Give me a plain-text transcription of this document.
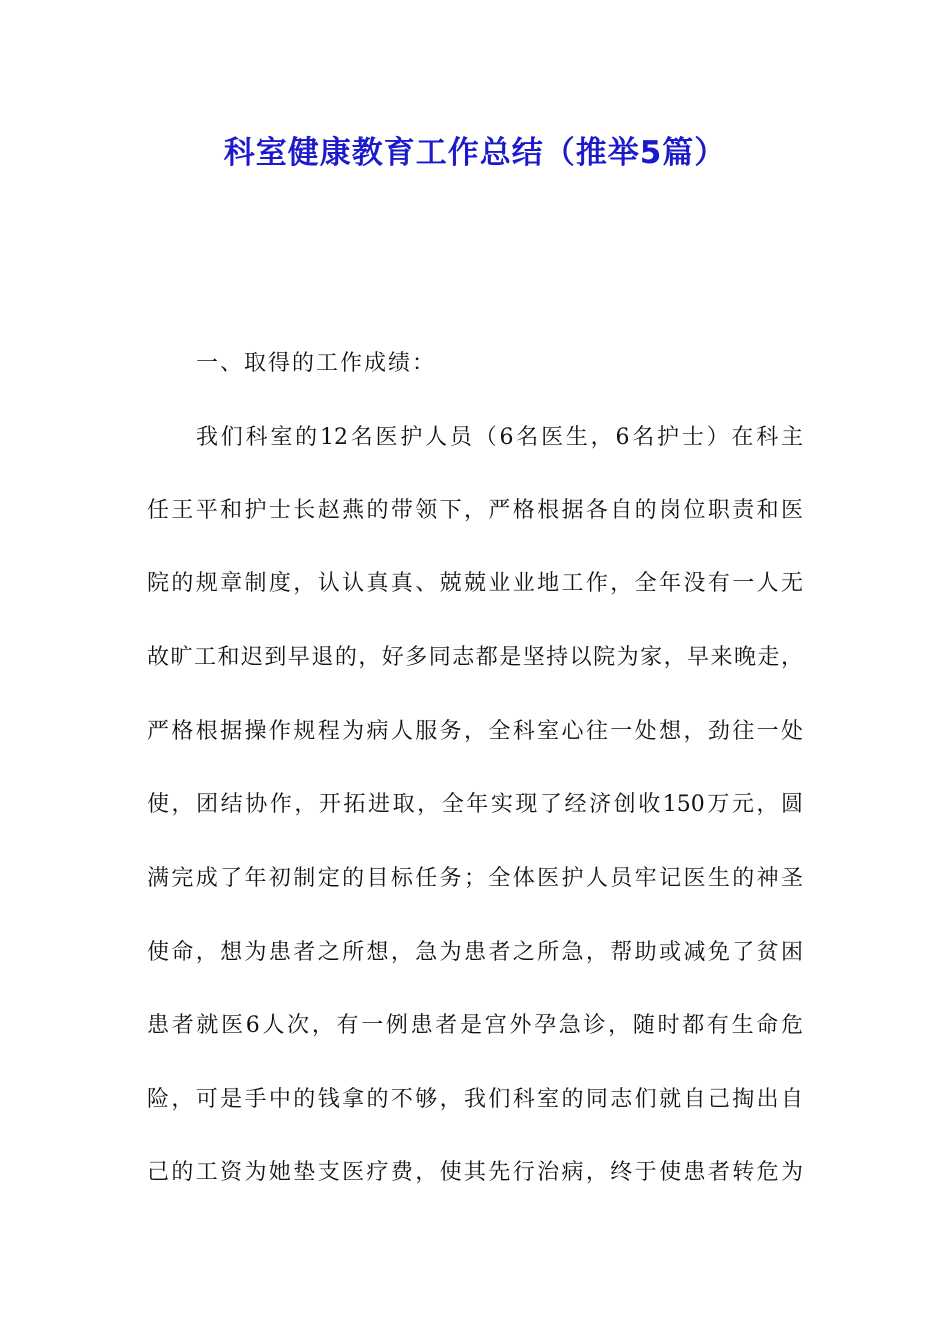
科室健康教育工作总结（推举5篇）
一、取得的工作成绩：
我们科室的12名医护人员（6名医生，6名护士）在科主
任王平和护士长赵燕的带领下，严格根据各自的岗位职责和医
院的规章制度，认认真真、兢兢业业地工作，全年没有一人无
故旷工和迟到早退的，好多同志都是坚持以院为家，早来晚走，
严格根据操作规程为病人服务，全科室心往一处想，劲往一处
使，团结协作，开拓进取，全年实现了经济创收150万元，圆
满完成了年初制定的目标任务；全体医护人员牢记医生的神圣
使命，想为患者之所想，急为患者之所急，帮助或减免了贫困
患者就医6人次，有一例患者是宫外孕急诊，随时都有生命危
险，可是手中的钱拿的不够，我们科室的同志们就自己掏出自
己的工资为她垫支医疗费，使其先行治病，终于使患者转危为
